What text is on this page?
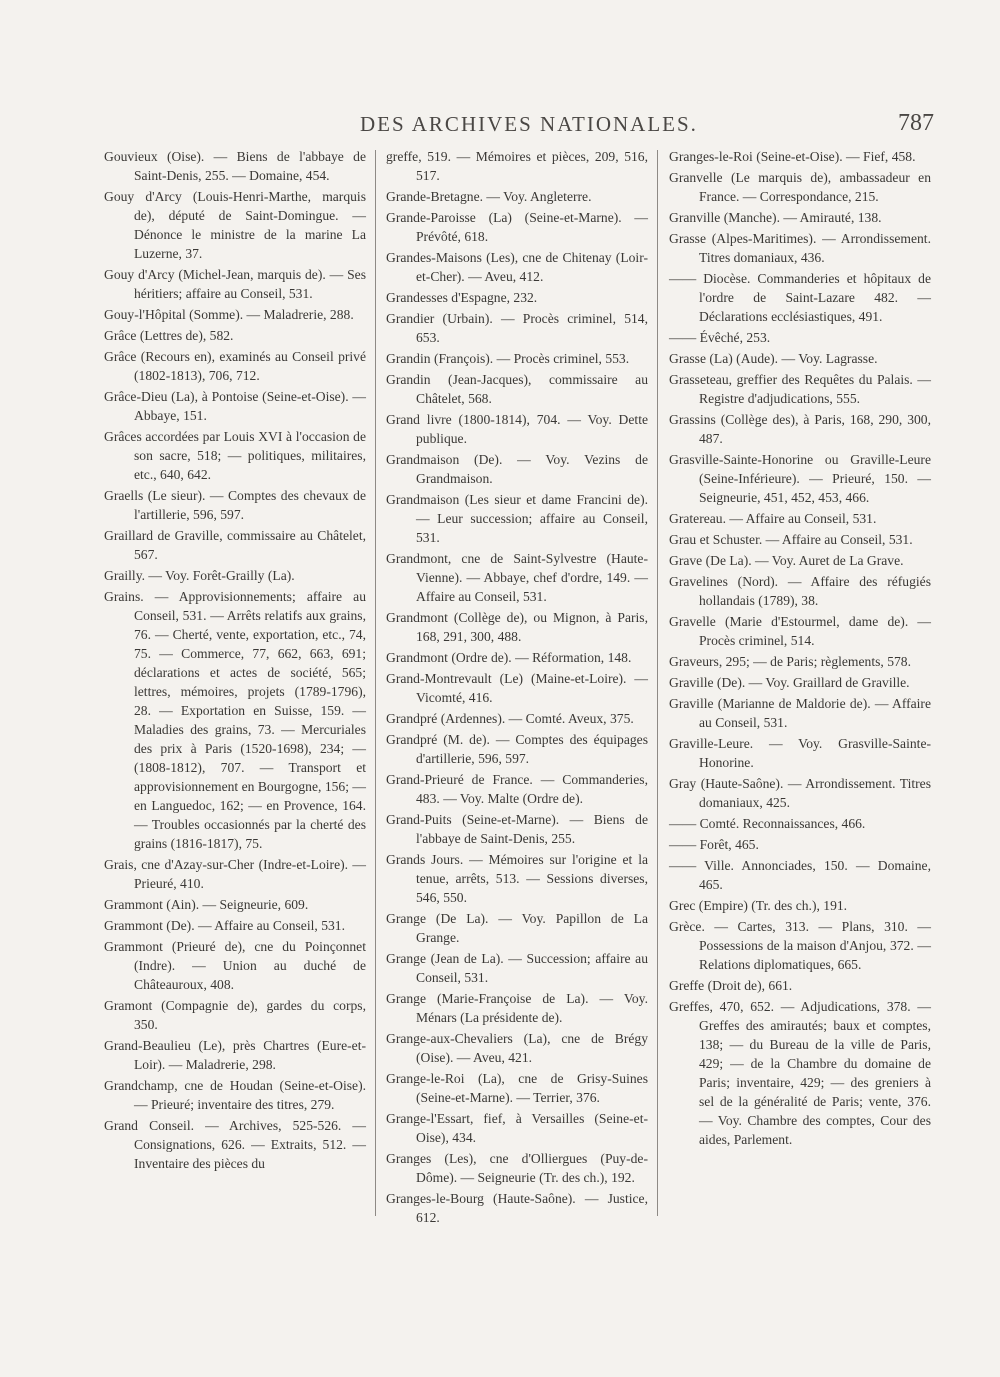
DES ARCHIVES NATIONALES.	787
Gouvieux (Oise). — Biens de l'abbaye de Saint-Denis, 255. — Domaine, 454.
Gouy d'Arcy (Louis-Henri-Marthe, marquis de), député de Saint-Domingue. — Dénonce le ministre de la marine La Luzerne, 37.
Gouy d'Arcy (Michel-Jean, marquis de). — Ses héritiers; affaire au Conseil, 531.
Gouy-l'Hôpital (Somme). — Maladrerie, 288.
Grâce (Lettres de), 582.
Grâce (Recours en), examinés au Conseil privé (1802-1813), 706, 712.
Grâce-Dieu (La), à Pontoise (Seine-et-Oise). — Abbaye, 151.
Grâces accordées par Louis XVI à l'occasion de son sacre, 518; — politiques, militaires, etc., 640, 642.
Graells (Le sieur). — Comptes des chevaux de l'artillerie, 596, 597.
Graillard de Graville, commissaire au Châtelet, 567.
Grailly. — Voy. Forêt-Grailly (La).
Grains. — Approvisionnements; affaire au Conseil, 531. — Arrêts relatifs aux grains, 76. — Cherté, vente, exportation, etc., 74, 75. — Commerce, 77, 662, 663, 691; déclarations et actes de société, 565; lettres, mémoires, projets (1789-1796), 28. — Exportation en Suisse, 159. — Maladies des grains, 73. — Mercuriales des prix à Paris (1520-1698), 234; — (1808-1812), 707. — Transport et approvisionnement en Bourgogne, 156; — en Languedoc, 162; — en Provence, 164. — Troubles occasionnés par la cherté des grains (1816-1817), 75.
Grais, cne d'Azay-sur-Cher (Indre-et-Loire). — Prieuré, 410.
Grammont (Ain). — Seigneurie, 609.
Grammont (De). — Affaire au Conseil, 531.
Grammont (Prieuré de), cne du Poinçonnet (Indre). — Union au duché de Châteauroux, 408.
Gramont (Compagnie de), gardes du corps, 350.
Grand-Beaulieu (Le), près Chartres (Eure-et-Loir). — Maladrerie, 298.
Grandchamp, cne de Houdan (Seine-et-Oise). — Prieuré; inventaire des titres, 279.
Grand Conseil. — Archives, 525-526. — Consignations, 626. — Extraits, 512. — Inventaire des pièces du
greffe, 519. — Mémoires et pièces, 209, 516, 517.
Grande-Bretagne. — Voy. Angleterre.
Grande-Paroisse (La) (Seine-et-Marne). — Prévôté, 618.
Grandes-Maisons (Les), cne de Chitenay (Loir-et-Cher). — Aveu, 412.
Grandesses d'Espagne, 232.
Grandier (Urbain). — Procès criminel, 514, 653.
Grandin (François). — Procès criminel, 553.
Grandin (Jean-Jacques), commissaire au Châtelet, 568.
Grand livre (1800-1814), 704. — Voy. Dette publique.
Grandmaison (De). — Voy. Vezins de Grandmaison.
Grandmaison (Les sieur et dame Francini de). — Leur succession; affaire au Conseil, 531.
Grandmont, cne de Saint-Sylvestre (Haute-Vienne). — Abbaye, chef d'ordre, 149. — Affaire au Conseil, 531.
Grandmont (Collège de), ou Mignon, à Paris, 168, 291, 300, 488.
Grandmont (Ordre de). — Réformation, 148.
Grand-Montrevault (Le) (Maine-et-Loire). — Vicomté, 416.
Grandpré (Ardennes). — Comté. Aveux, 375.
Grandpré (M. de). — Comptes des équipages d'artillerie, 596, 597.
Grand-Prieuré de France. — Commanderies, 483. — Voy. Malte (Ordre de).
Grand-Puits (Seine-et-Marne). — Biens de l'abbaye de Saint-Denis, 255.
Grands Jours. — Mémoires sur l'origine et la tenue, arrêts, 513. — Sessions diverses, 546, 550.
Grange (De La). — Voy. Papillon de La Grange.
Grange (Jean de La). — Succession; affaire au Conseil, 531.
Grange (Marie-Françoise de La). — Voy. Ménars (La présidente de).
Grange-aux-Chevaliers (La), cne de Brégy (Oise). — Aveu, 421.
Grange-le-Roi (La), cne de Grisy-Suines (Seine-et-Marne). — Terrier, 376.
Grange-l'Essart, fief, à Versailles (Seine-et-Oise), 434.
Granges (Les), cne d'Olliergues (Puy-de-Dôme). — Seigneurie (Tr. des ch.), 192.
Granges-le-Bourg (Haute-Saône). — Justice, 612.
Granges-le-Roi (Seine-et-Oise). — Fief, 458.
Granvelle (Le marquis de), ambassadeur en France. — Correspondance, 215.
Granville (Manche). — Amirauté, 138.
Grasse (Alpes-Maritimes). — Arrondissement. Titres domaniaux, 436.
—— Diocèse. Commanderies et hôpitaux de l'ordre de Saint-Lazare 482. — Déclarations ecclésiastiques, 491.
—— Évêché, 253.
Grasse (La) (Aude). — Voy. Lagrasse.
Grasseteau, greffier des Requêtes du Palais. — Registre d'adjudications, 555.
Grassins (Collège des), à Paris, 168, 290, 300, 487.
Grasville-Sainte-Honorine ou Graville-Leure (Seine-Inférieure). — Prieuré, 150. — Seigneurie, 451, 452, 453, 466.
Gratereau. — Affaire au Conseil, 531.
Grau et Schuster. — Affaire au Conseil, 531.
Grave (De La). — Voy. Auret de La Grave.
Gravelines (Nord). — Affaire des réfugiés hollandais (1789), 38.
Gravelle (Marie d'Estourmel, dame de). — Procès criminel, 514.
Graveurs, 295; — de Paris; règlements, 578.
Graville (De). — Voy. Graillard de Graville.
Graville (Marianne de Maldorie de). — Affaire au Conseil, 531.
Graville-Leure. — Voy. Grasville-Sainte-Honorine.
Gray (Haute-Saône). — Arrondissement. Titres domaniaux, 425.
—— Comté. Reconnaissances, 466.
—— Forêt, 465.
—— Ville. Annonciades, 150. — Domaine, 465.
Grec (Empire) (Tr. des ch.), 191.
Grèce. — Cartes, 313. — Plans, 310. — Possessions de la maison d'Anjou, 372. — Relations diplomatiques, 665.
Greffe (Droit de), 661.
Greffes, 470, 652. — Adjudications, 378. — Greffes des amirautés; baux et comptes, 138; — du Bureau de la ville de Paris, 429; — de la Chambre du domaine de Paris; inventaire, 429; — des greniers à sel de la généralité de Paris; vente, 376. — Voy. Chambre des comptes, Cour des aides, Parlement.
